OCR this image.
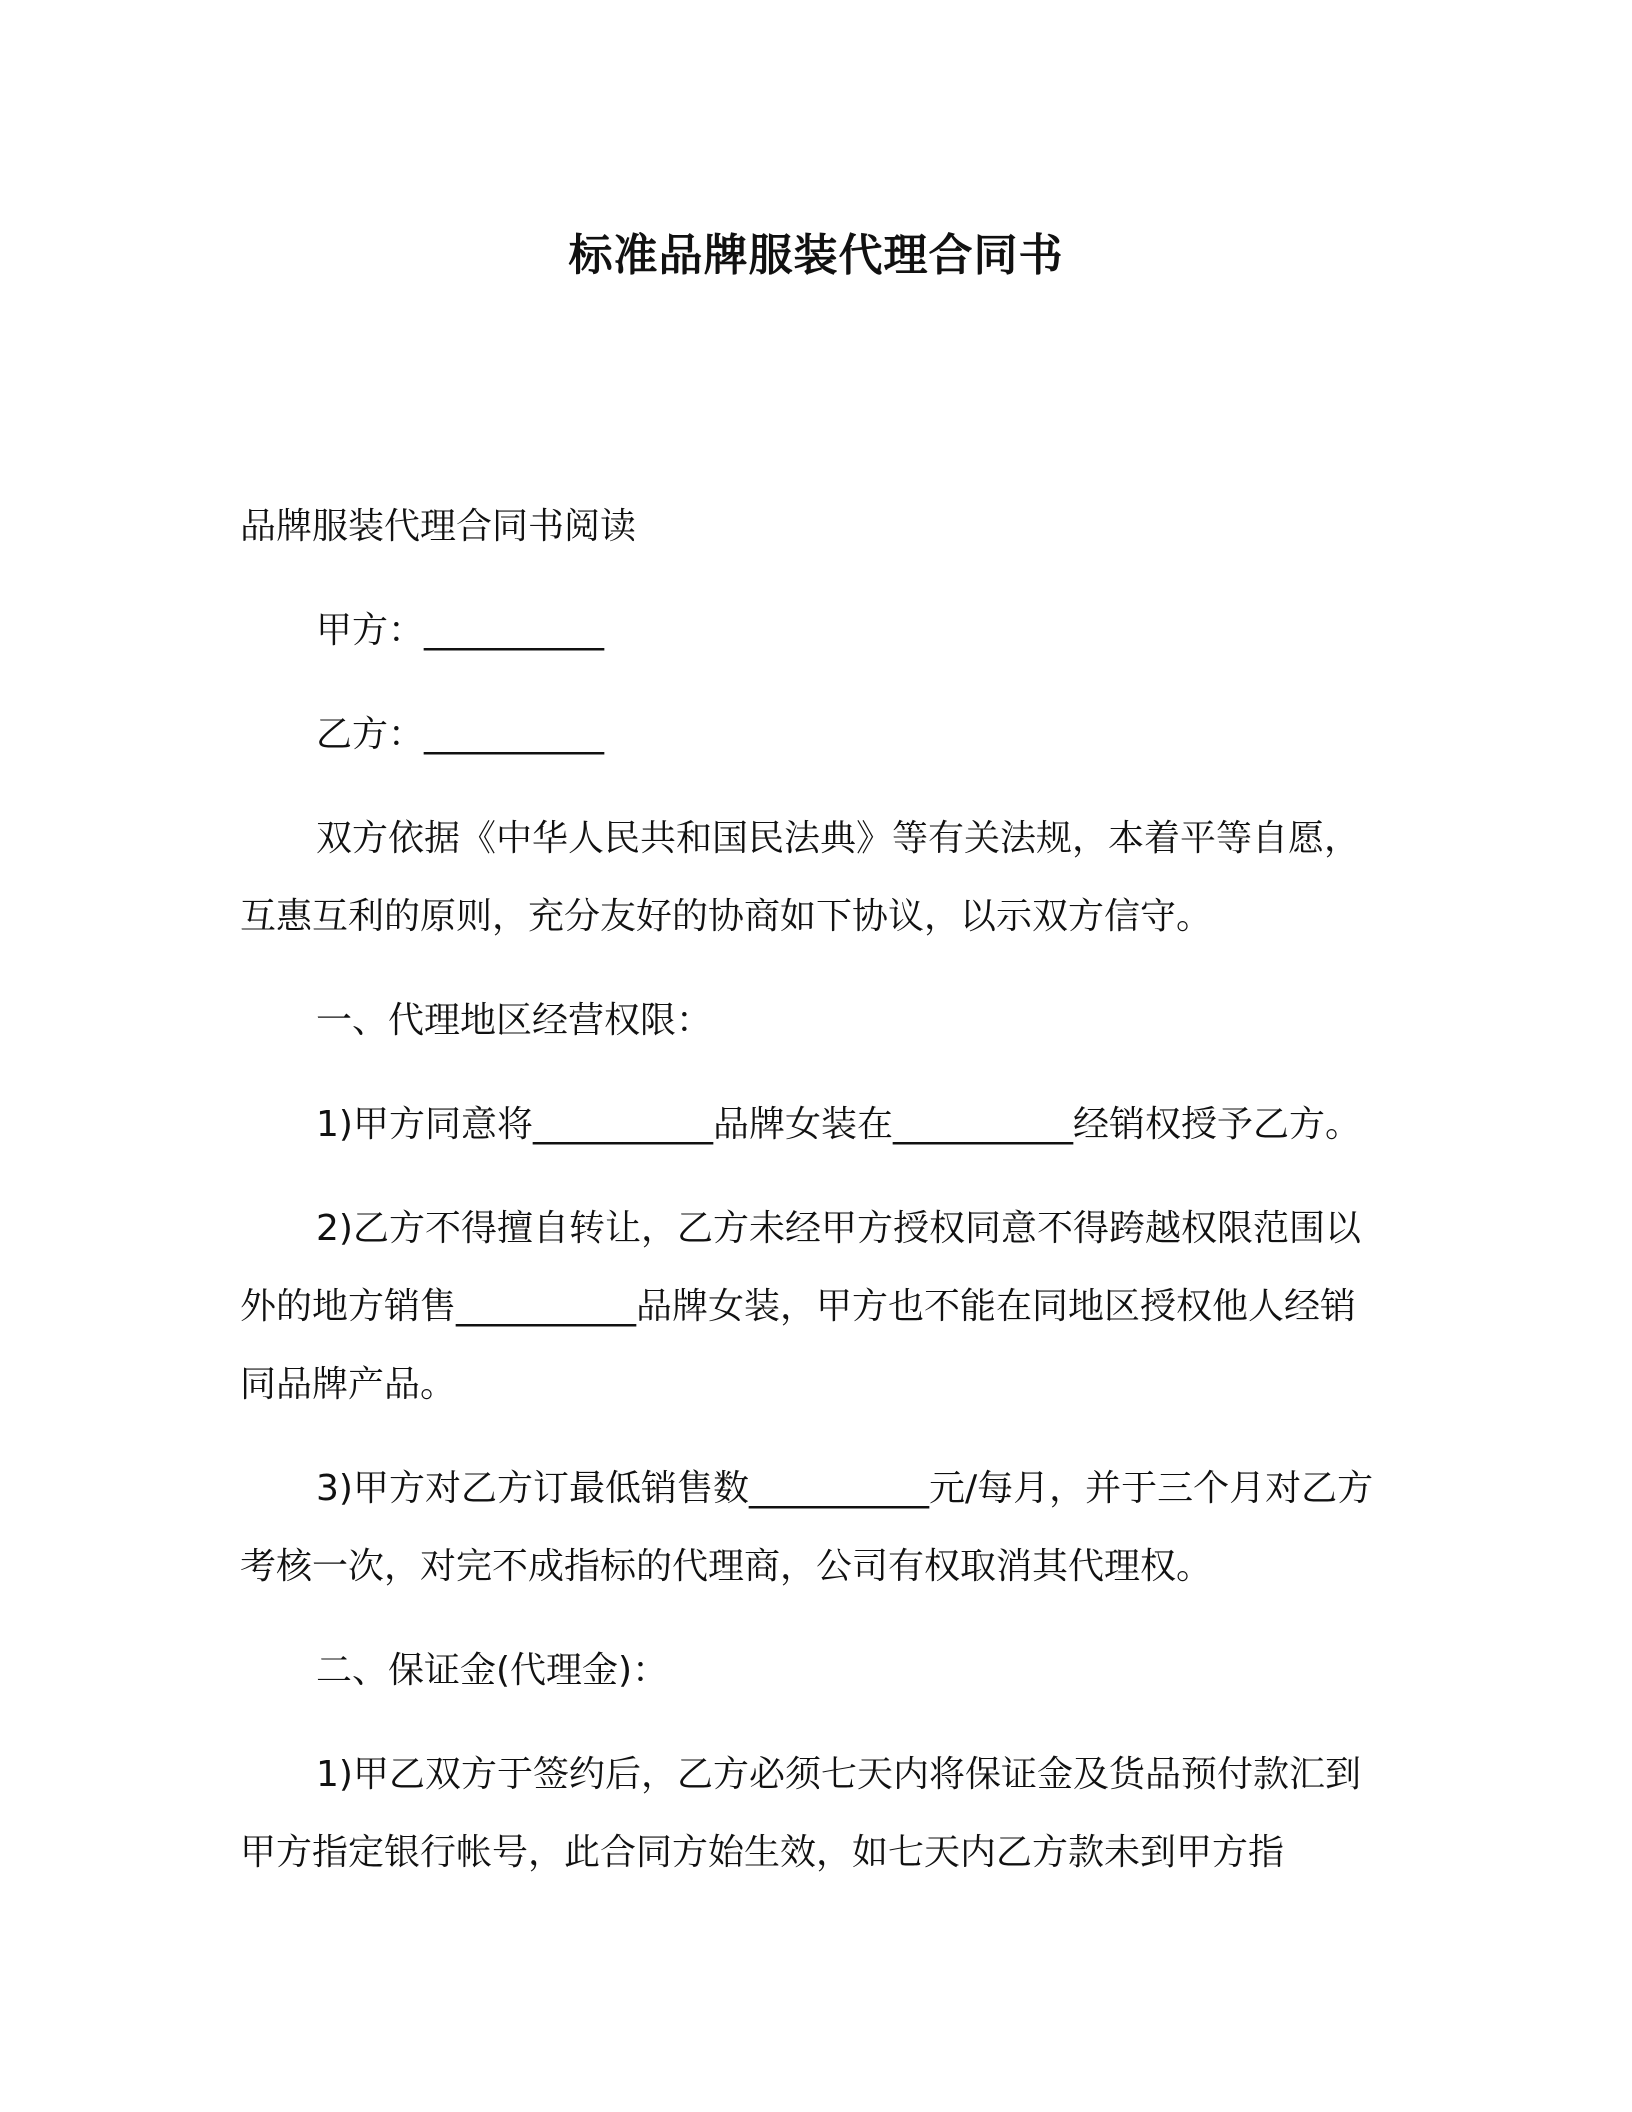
标准品牌服装代理合同书

品牌服装代理合同书阅读

甲方：__________

乙方：__________

双方依据《中华人民共和国民法典》等有关法规，本着平等自愿，互惠互利的原则，充分友好的协商如下协议，以示双方信守。

一、代理地区经营权限：

1)甲方同意将__________品牌女装在__________经销权授予乙方。

2)乙方不得擅自转让，乙方未经甲方授权同意不得跨越权限范围以外的地方销售__________品牌女装，甲方也不能在同地区授权他人经销同品牌产品。

3)甲方对乙方订最低销售数__________元/每月，并于三个月对乙方考核一次，对完不成指标的代理商，公司有权取消其代理权。

二、保证金(代理金)：

1)甲乙双方于签约后，乙方必须七天内将保证金及货品预付款汇到甲方指定银行帐号，此合同方始生效，如七天内乙方款未到甲方指
